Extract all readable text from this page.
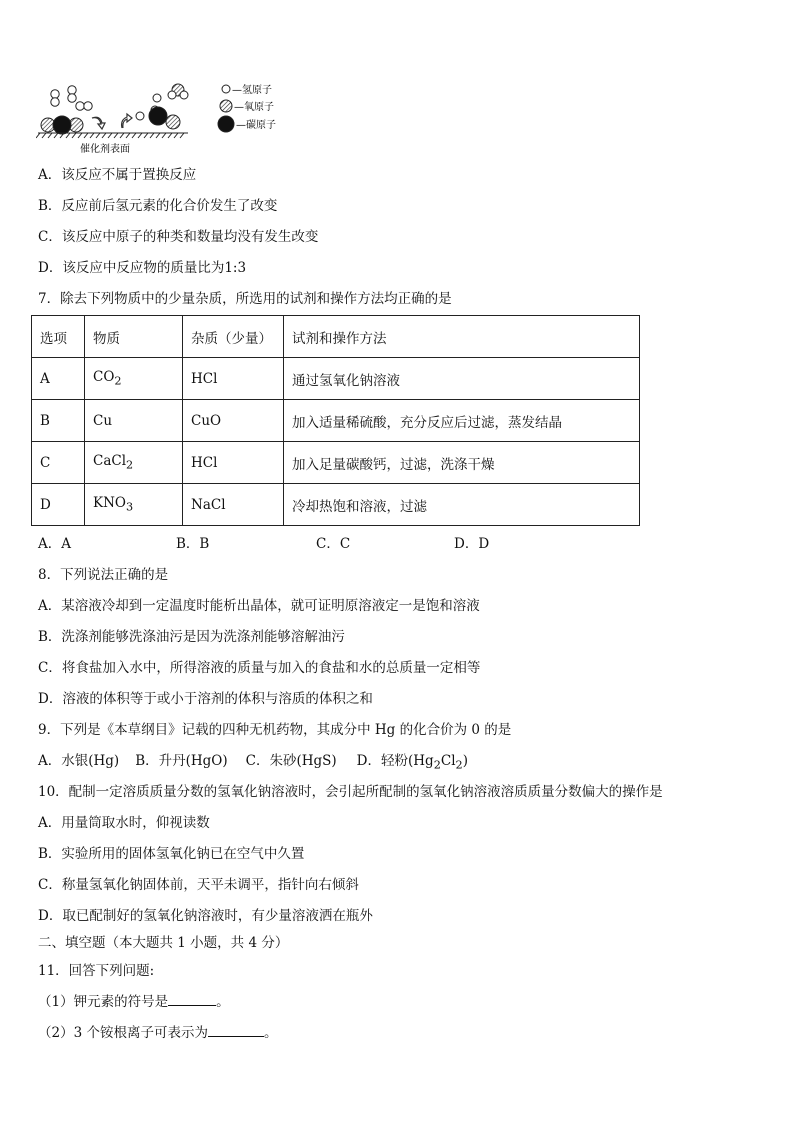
催化剂表面
—氢原子
—氧原子
—碳原子
A．该反应不属于置换反应
B．反应前后氢元素的化合价发生了改变
C．该反应中原子的种类和数量均没有发生改变
D．该反应中反应物的质量比为1:3
7．除去下列物质中的少量杂质，所选用的试剂和操作方法均正确的是
选项	物质	杂质（少量）	试剂和操作方法
A	$CO_2$	HCl	通过氢氧化钠溶液
B	Cu	CuO	加入适量稀硫酸，充分反应后过滤，蒸发结晶
C	CaCl$_2$	HCl	加入足量碳酸钙，过滤，洗涤干燥
D	$KNO_3$	NaCl	冷却热饱和溶液，过滤
A．A	B．B	C．C	D．D
8．下列说法正确的是
A．某溶液冷却到一定温度时能析出晶体，就可证明原溶液定一是饱和溶液
B．洗涤剂能够洗涤油污是因为洗涤剂能够溶解油污
C．将食盐加入水中，所得溶液的质量与加入的食盐和水的总质量一定相等
D．溶液的体积等于或小于溶剂的体积与溶质的体积之和
9．下列是《本草纲目》记载的四种无机药物，其成分中 Hg 的化合价为 0 的是
A．水银(Hg) B．升丹(HgO) C．朱砂(HgS) D．轻粉$(Hg_2Cl_2)$
10．配制一定溶质质量分数的氢氧化钠溶液时，会引起所配制的氢氧化钠溶液溶质质量分数偏大的操作是
A．用量筒取水时，仰视读数
B．实验所用的固体氢氧化钠已在空气中久置
C．称量氢氧化钠固体前，天平未调平，指针向右倾斜
D．取已配制好的氢氧化钠溶液时，有少量溶液洒在瓶外
二、填空题（本大题共 1 小题，共 4 分）
11．回答下列问题:
（1）钾元素的符号是	。
（2）3 个铵根离子可表示为	。
